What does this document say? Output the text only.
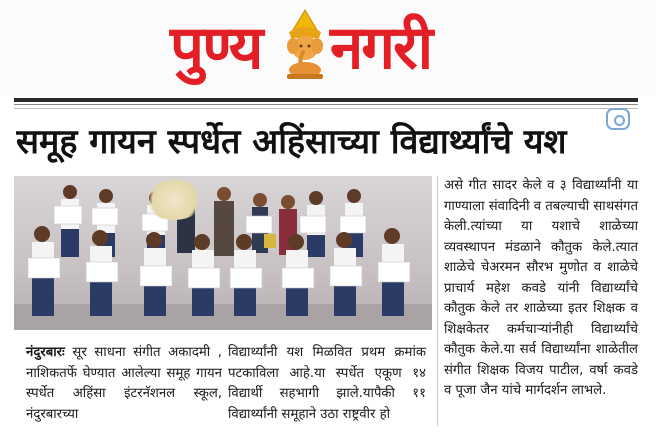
पुण्य नगरी
समूह गायन स्पर्धेत अहिंसाच्या विद्यार्थ्यांचे यश
असे गीत सादर केले व ३ विद्यार्थ्यांनी या गाण्याला संवादिनी व तबल्याची साथसंगत केली.त्यांच्या या यशाचे शाळेच्या व्यवस्थापन मंडळाने कौतुक केले.त्यात शाळेचे चेअरमन सौरभ मुणोत व शाळेचे प्राचार्य महेश कवडे यांनी विद्यार्थ्यांचे कौतुक केले तर शाळेच्या इतर शिक्षक व शिक्षकेतर कर्मचार्‍यांनीही विद्यार्थ्यांचे कौतुक केले.या सर्व विद्यार्थ्यांना शाळेतील संगीत शिक्षक विजय पाटील, वर्षा कवडे व पूजा जैन यांचे मार्गदर्शन लाभले.
नंदुरबारः सूर साधना संगीत अकादमी , नाशिकतर्फे घेण्यात आलेल्या समूह गायन स्पर्धेत अहिंसा इंटरनॅशनल स्कूल, नंदुरबारच्या
विद्यार्थ्यांनी यश मिळवित प्रथम क्रमांक पटकाविला आहे.या स्पर्धेत एकूण १४ विद्यार्थी सहभागी झाले.यापैकी ११ विद्यार्थ्यांनी समूहाने उठा राष्ट्रवीर हो
